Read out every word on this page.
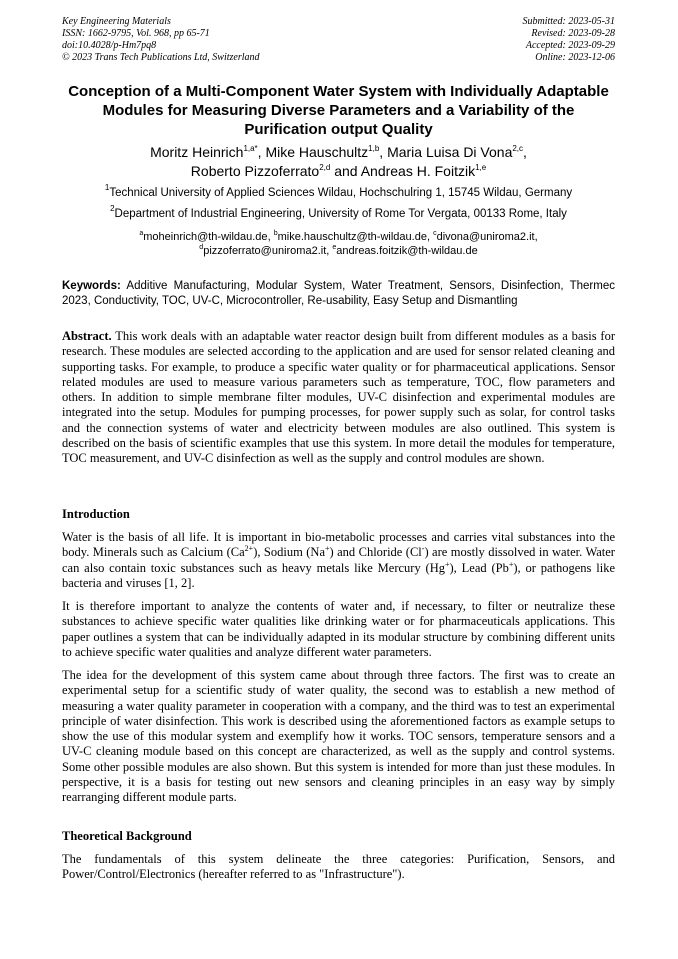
Key Engineering Materials
ISSN: 1662-9795, Vol. 968, pp 65-71
doi:10.4028/p-Hm7pq8
© 2023 Trans Tech Publications Ltd, Switzerland
Submitted: 2023-05-31
Revised: 2023-09-28
Accepted: 2023-09-29
Online: 2023-12-06
Conception of a Multi-Component Water System with Individually Adaptable Modules for Measuring Diverse Parameters and a Variability of the Purification output Quality
Moritz Heinrich$^{1,a*}$, Mike Hauschultz$^{1,b}$, Maria Luisa Di Vona$^{2,c}$,
Roberto Pizzoferrato$^{2,d}$ and Andreas H. Foitzik$^{1,e}$
$^1$Technical University of Applied Sciences Wildau, Hochschulring 1, 15745 Wildau, Germany
$^2$Department of Industrial Engineering, University of Rome Tor Vergata, 00133 Rome, Italy
$^a$moheinrich@th-wildau.de, $^b$mike.hauschultz@th-wildau.de, $^c$divona@uniroma2.it,
$^d$pizzoferrato@uniroma2.it, $^e$andreas.foitzik@th-wildau.de
Keywords: Additive Manufacturing, Modular System, Water Treatment, Sensors, Disinfection, Thermec 2023, Conductivity, TOC, UV-C, Microcontroller, Re-usability, Easy Setup and Dismantling
Abstract. This work deals with an adaptable water reactor design built from different modules as a basis for research. These modules are selected according to the application and are used for sensor related cleaning and supporting tasks. For example, to produce a specific water quality or for pharmaceutical applications. Sensor related modules are used to measure various parameters such as temperature, TOC, flow parameters and others. In addition to simple membrane filter modules, UV-C disinfection and experimental modules are integrated into the setup. Modules for pumping processes, for power supply such as solar, for control tasks and the connection systems of water and electricity between modules are also outlined. This system is described on the basis of scientific examples that use this system. In more detail the modules for temperature, TOC measurement, and UV-C disinfection as well as the supply and control modules are shown.
Introduction
Water is the basis of all life. It is important in bio-metabolic processes and carries vital substances into the body. Minerals such as Calcium $(Ca^{2+})$, Sodium (Na+) and Chloride (Cl-) are mostly dissolved in water. Water can also contain toxic substances such as heavy metals like Mercury (Hg+), Lead (Pb+), or pathogens like bacteria and viruses [1, 2].
It is therefore important to analyze the contents of water and, if necessary, to filter or neutralize these substances to achieve specific water qualities like drinking water or for pharmaceuticals applications. This paper outlines a system that can be individually adapted in its modular structure by combining different units to achieve specific water qualities and analyze different water parameters.
The idea for the development of this system came about through three factors. The first was to create an experimental setup for a scientific study of water quality, the second was to establish a new method of measuring a water quality parameter in cooperation with a company, and the third was to test an experimental principle of water disinfection. This work is described using the aforementioned factors as example setups to show the use of this modular system and exemplify how it works. TOC sensors, temperature sensors and a UV-C cleaning module based on this concept are characterized, as well as the supply and control systems. Some other possible modules are also shown. But this system is intended for more than just these modules. In perspective, it is a basis for testing out new sensors and cleaning principles in an easy way by simply rearranging different module parts.
Theoretical Background
The fundamentals of this system delineate the three categories: Purification, Sensors, and Power/Control/Electronics (hereafter referred to as "Infrastructure").
